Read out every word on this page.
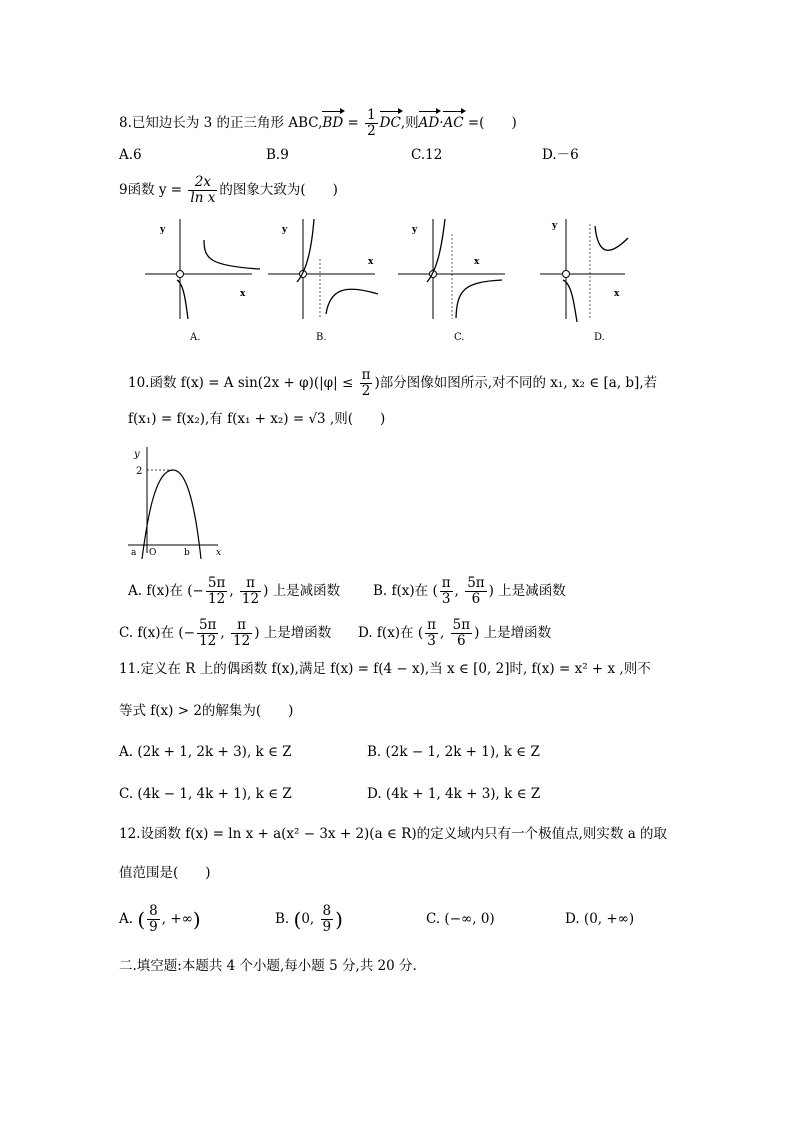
8.已知边长为 3 的正三角形 $ABC,BD = \frac{1}{2}$ DC,则AD·AC =(　　)
A.6	B.9	C.12	D.－6
9函数 $y = \frac{2x}{\text{ln x}}$ 的图象大致为(　　)
y
x
A.
y
x
B.
y
x
C.
y
x
D.
10.函数 f(x) = A $\sin(2x + \varphi)(|\varphi| \le \frac{\pi}{2}$ )部分图像如图所示,对不同的 x₁, x₂ ∈ [a, b],若
f(x₁) = f(x₂),有 f(x₁ + x₂) = √3 ,则(　　)
y
2
a O	b	x
A. f(x)在 (− $\frac{5\pi}{12}$ , $\frac{\pi}{12}$ ) 上是减函数 B. f(x)在 ( $\frac{\pi}{3}$ , $\frac{5\pi}{6}$ ) 上是减函数
C. f(x)在 (− $\frac{5\pi}{12}$ , $\frac{\pi}{12}$ ) 上是增函数 D. f(x)在 ( $\frac{\pi}{3}$ , $\frac{5\pi}{6}$ ) 上是增函数
11.定义在 R 上的偶函数 f(x),满足 f(x) = f(4 − x),当 x ∈ [0, 2]时, f(x) = x² + x ,则不
等式 f(x) > 2的解集为(　　)
A. (2k + 1, 2k + 3), k ∈ Z	B. (2k − 1, 2k + 1), k ∈ Z
C. (4k − 1, 4k + 1), k ∈ Z	D. (4k + 1, 4k + 3), k ∈ Z
12.设函数 f(x) = ln x + a(x² − 3x + 2)(a ∈ R)的定义域内只有一个极值点,则实数 a 的取
值范围是(　　)
A. ( $\frac{8}{9}$ , +∞)	B. (0, $\frac{8}{9}$ )	C. (−∞, 0)	D. (0, +∞)
二.填空题:本题共 4 个小题,每小题 5 分,共 20 分.
